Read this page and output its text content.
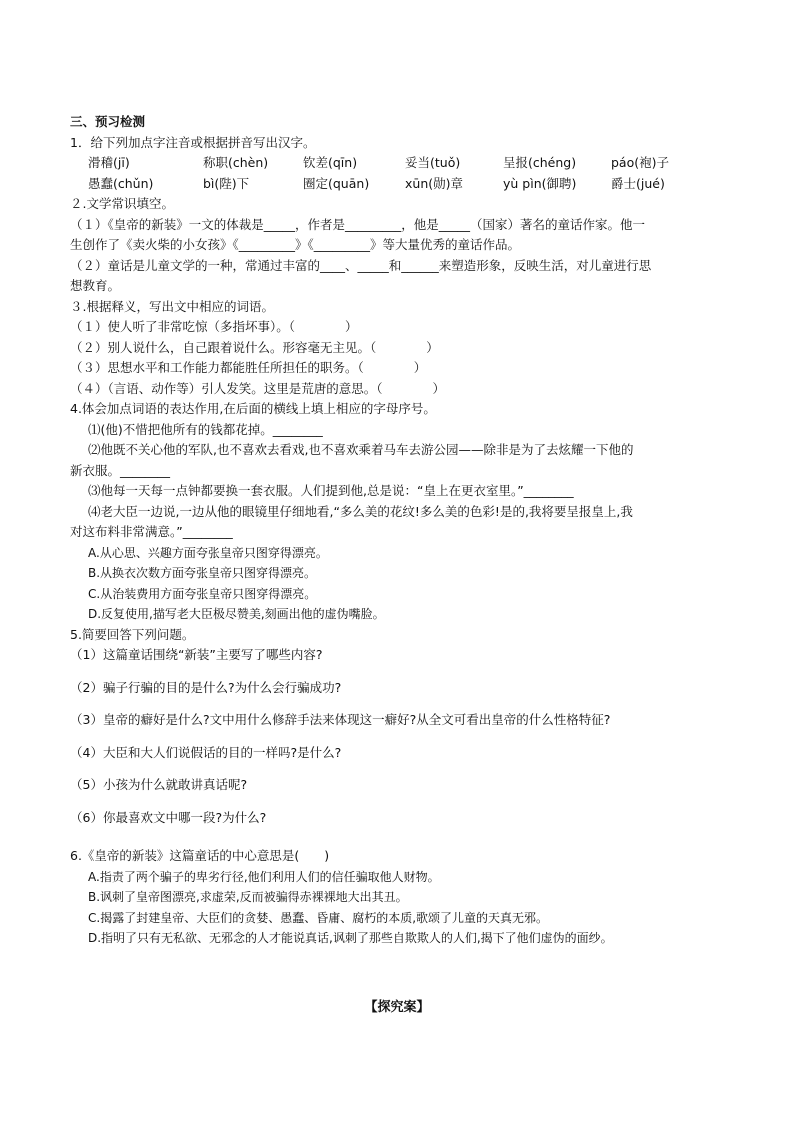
三、预习检测
1．给下列加点字注音或根据拼音写出汉字。
滑稽(jī)	称职(chèn)	钦差(qīn)	妥当(tuǒ)	呈报(chéng)	páo(袍)子
愚蠢(chǔn)	bì(陛)下	圈定(quān)	xūn(勋)章	yù pìn(御聘)	爵士(jué)
２.文学常识填空。
（１）《皇帝的新装》一文的体裁是_____，作者是_________，他是_____（国家）著名的童话作家。他一
生创作了《卖火柴的小女孩》《_________》《_________》等大量优秀的童话作品。
（２）童话是儿童文学的一种，常通过丰富的____、_____和______来塑造形象，反映生活，对儿童进行思
想教育。
３.根据释义，写出文中相应的词语。
（１）使人听了非常吃惊（多指坏事）。（　　　　）
（２）别人说什么，自己跟着说什么。形容毫无主见。（　　　　）
（３）思想水平和工作能力都能胜任所担任的职务。（　　　　）
（４）（言语、动作等）引人发笑。这里是荒唐的意思。（　　　　）
4.体会加点词语的表达作用,在后面的横线上填上相应的字母序号。
⑴(他)不惜把他所有的钱都花掉。________
⑵他既不关心他的军队,也不喜欢去看戏,也不喜欢乘着马车去游公园——除非是为了去炫耀一下他的
新衣服。________
⑶他每一天每一点钟都要换一套衣服。人们提到他,总是说：“皇上在更衣室里。”________
⑷老大臣一边说,一边从他的眼镜里仔细地看,“多么美的花纹!多么美的色彩!是的,我将要呈报皇上,我
对这布料非常满意。”________
A.从心思、兴趣方面夸张皇帝只图穿得漂亮。
B.从换衣次数方面夸张皇帝只图穿得漂亮。
C.从治装费用方面夸张皇帝只图穿得漂亮。
D.反复使用,描写老大臣极尽赞美,刻画出他的虚伪嘴脸。
5.简要回答下列问题。
（1）这篇童话围绕“新装”主要写了哪些内容?
（2）骗子行骗的目的是什么?为什么会行骗成功?
（3）皇帝的癖好是什么?文中用什么修辞手法来体现这一癖好?从全文可看出皇帝的什么性格特征?
（4）大臣和大人们说假话的目的一样吗?是什么?
（5）小孩为什么就敢讲真话呢?
（6）你最喜欢文中哪一段?为什么?
6.《皇帝的新装》这篇童话的中心意思是(　　)
A.指责了两个骗子的卑劣行径,他们利用人们的信任骗取他人财物。
B.讽刺了皇帝图漂亮,求虚荣,反而被骗得赤裸裸地大出其丑。
C.揭露了封建皇帝、大臣们的贪婪、愚蠢、昏庸、腐朽的本质,歌颂了儿童的天真无邪。
D.指明了只有无私欲、无邪念的人才能说真话,讽刺了那些自欺欺人的人们,揭下了他们虚伪的面纱。
【探究案】
